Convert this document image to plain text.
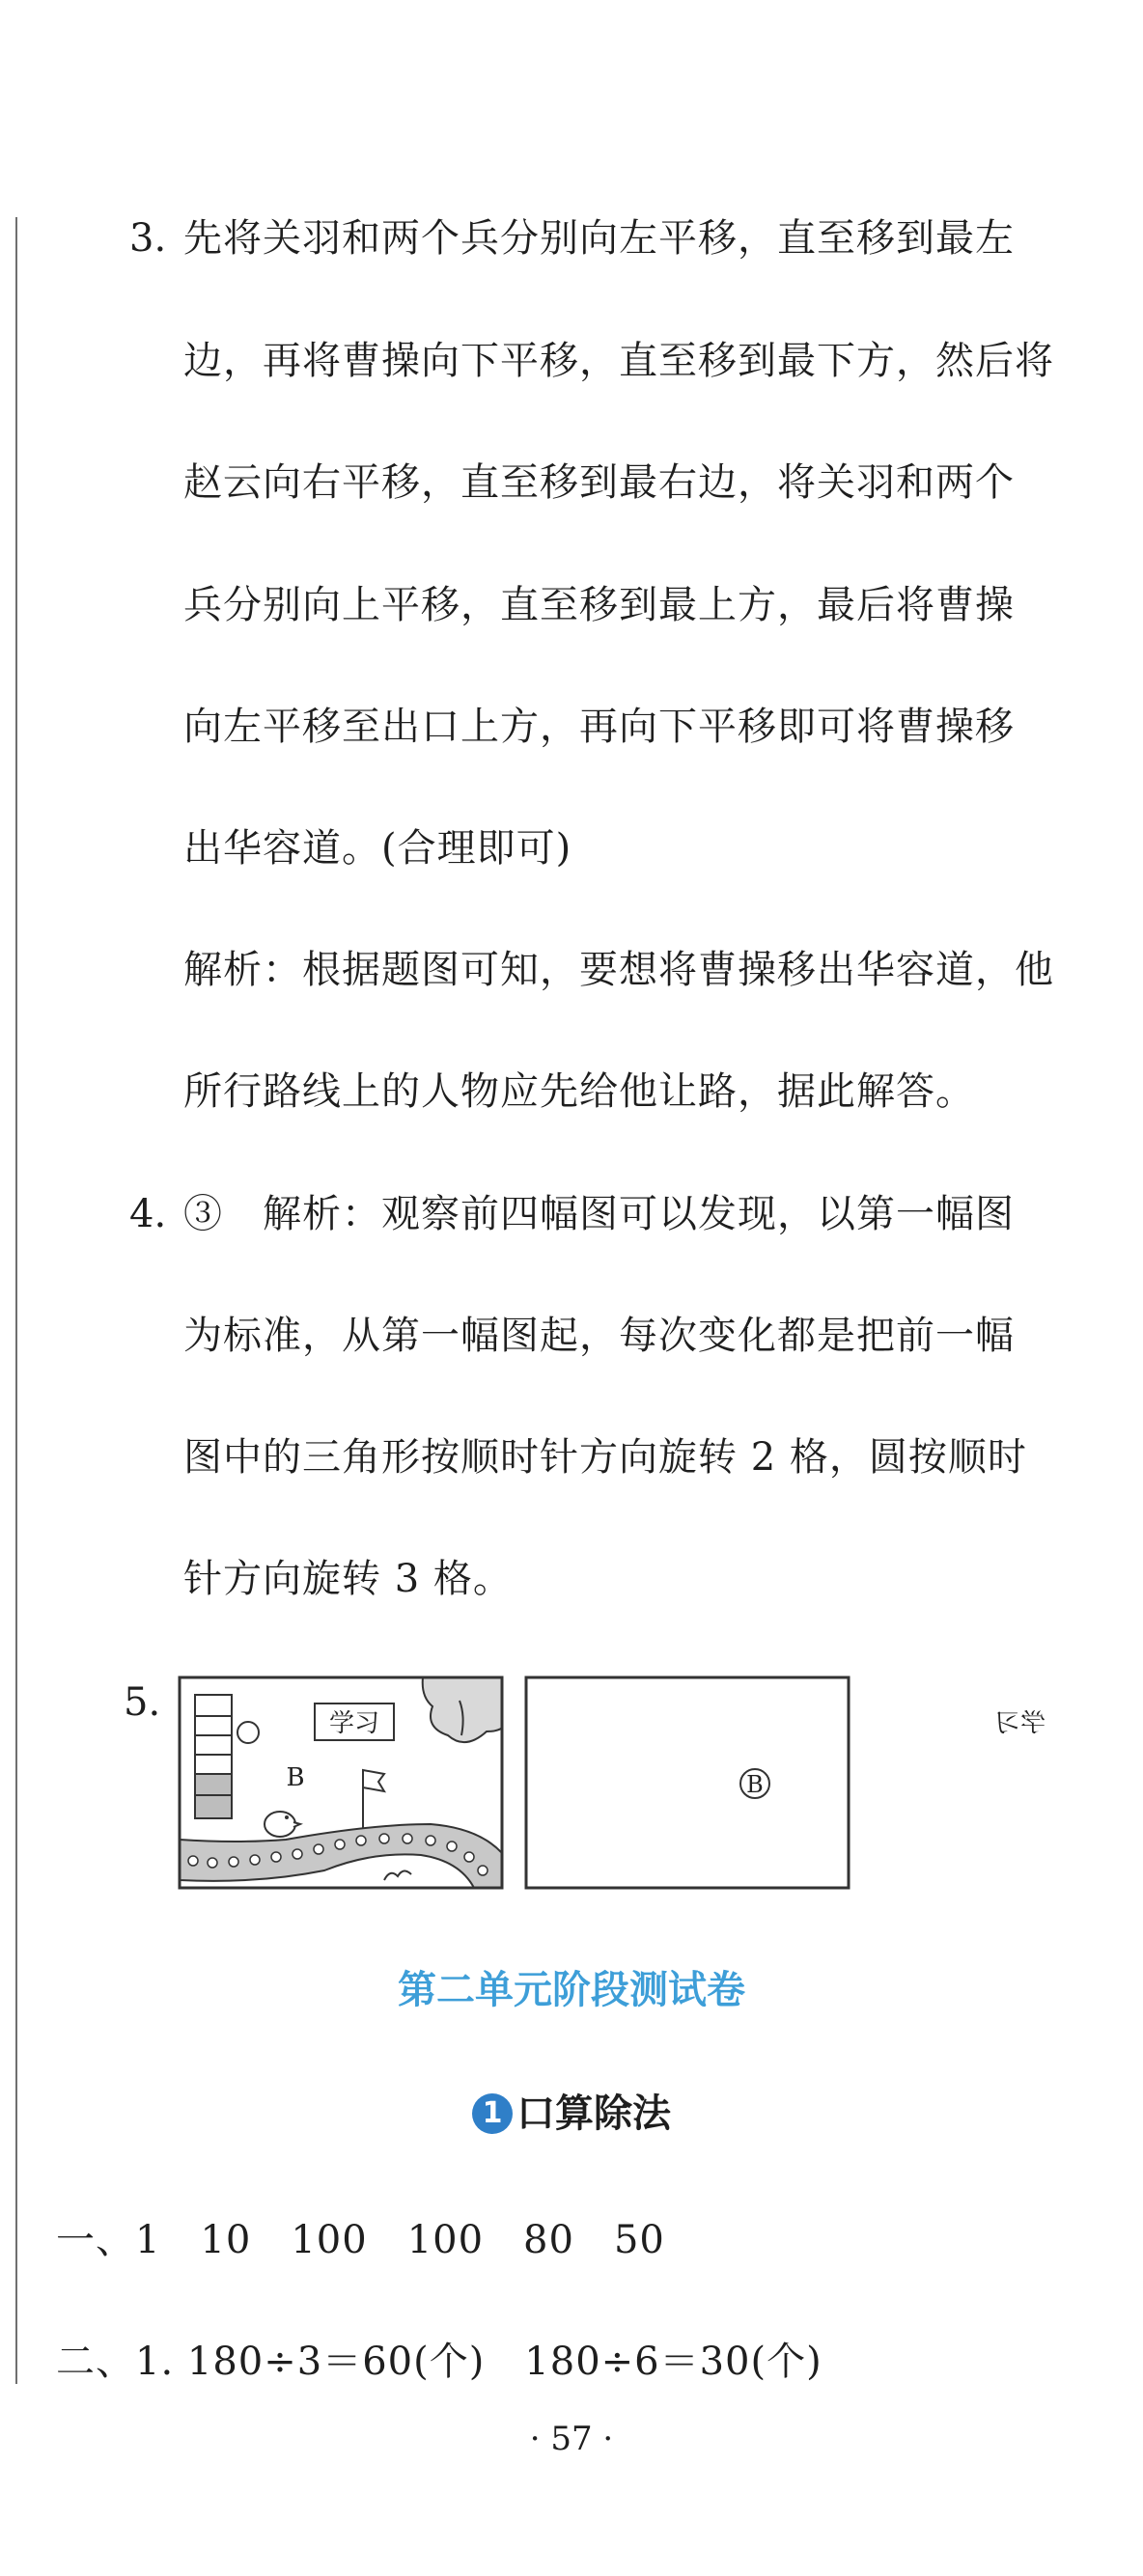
3. 先将关羽和两个兵分别向左平移，直至移到最左
边，再将曹操向下平移，直至移到最下方，然后将
赵云向右平移，直至移到最右边，将关羽和两个
兵分别向上平移，直至移到最上方，最后将曹操
向左平移至出口上方，再向下平移即可将曹操移
出华容道。(合理即可)
解析：根据题图可知，要想将曹操移出华容道，他
所行路线上的人物应先给他让路，据此解答。
4. ③　解析：观察前四幅图可以发现，以第一幅图
为标准，从第一幅图起，每次变化都是把前一幅
图中的三角形按顺时针方向旋转 2 格，圆按顺时
针方向旋转 3 格。
5.	学习	学习
B	B
第二单元阶段测试卷
1 口算除法
一、1　10　100　100　80　50
二、1. 180÷3＝60(个)　180÷6＝30(个)
· 57 ·
